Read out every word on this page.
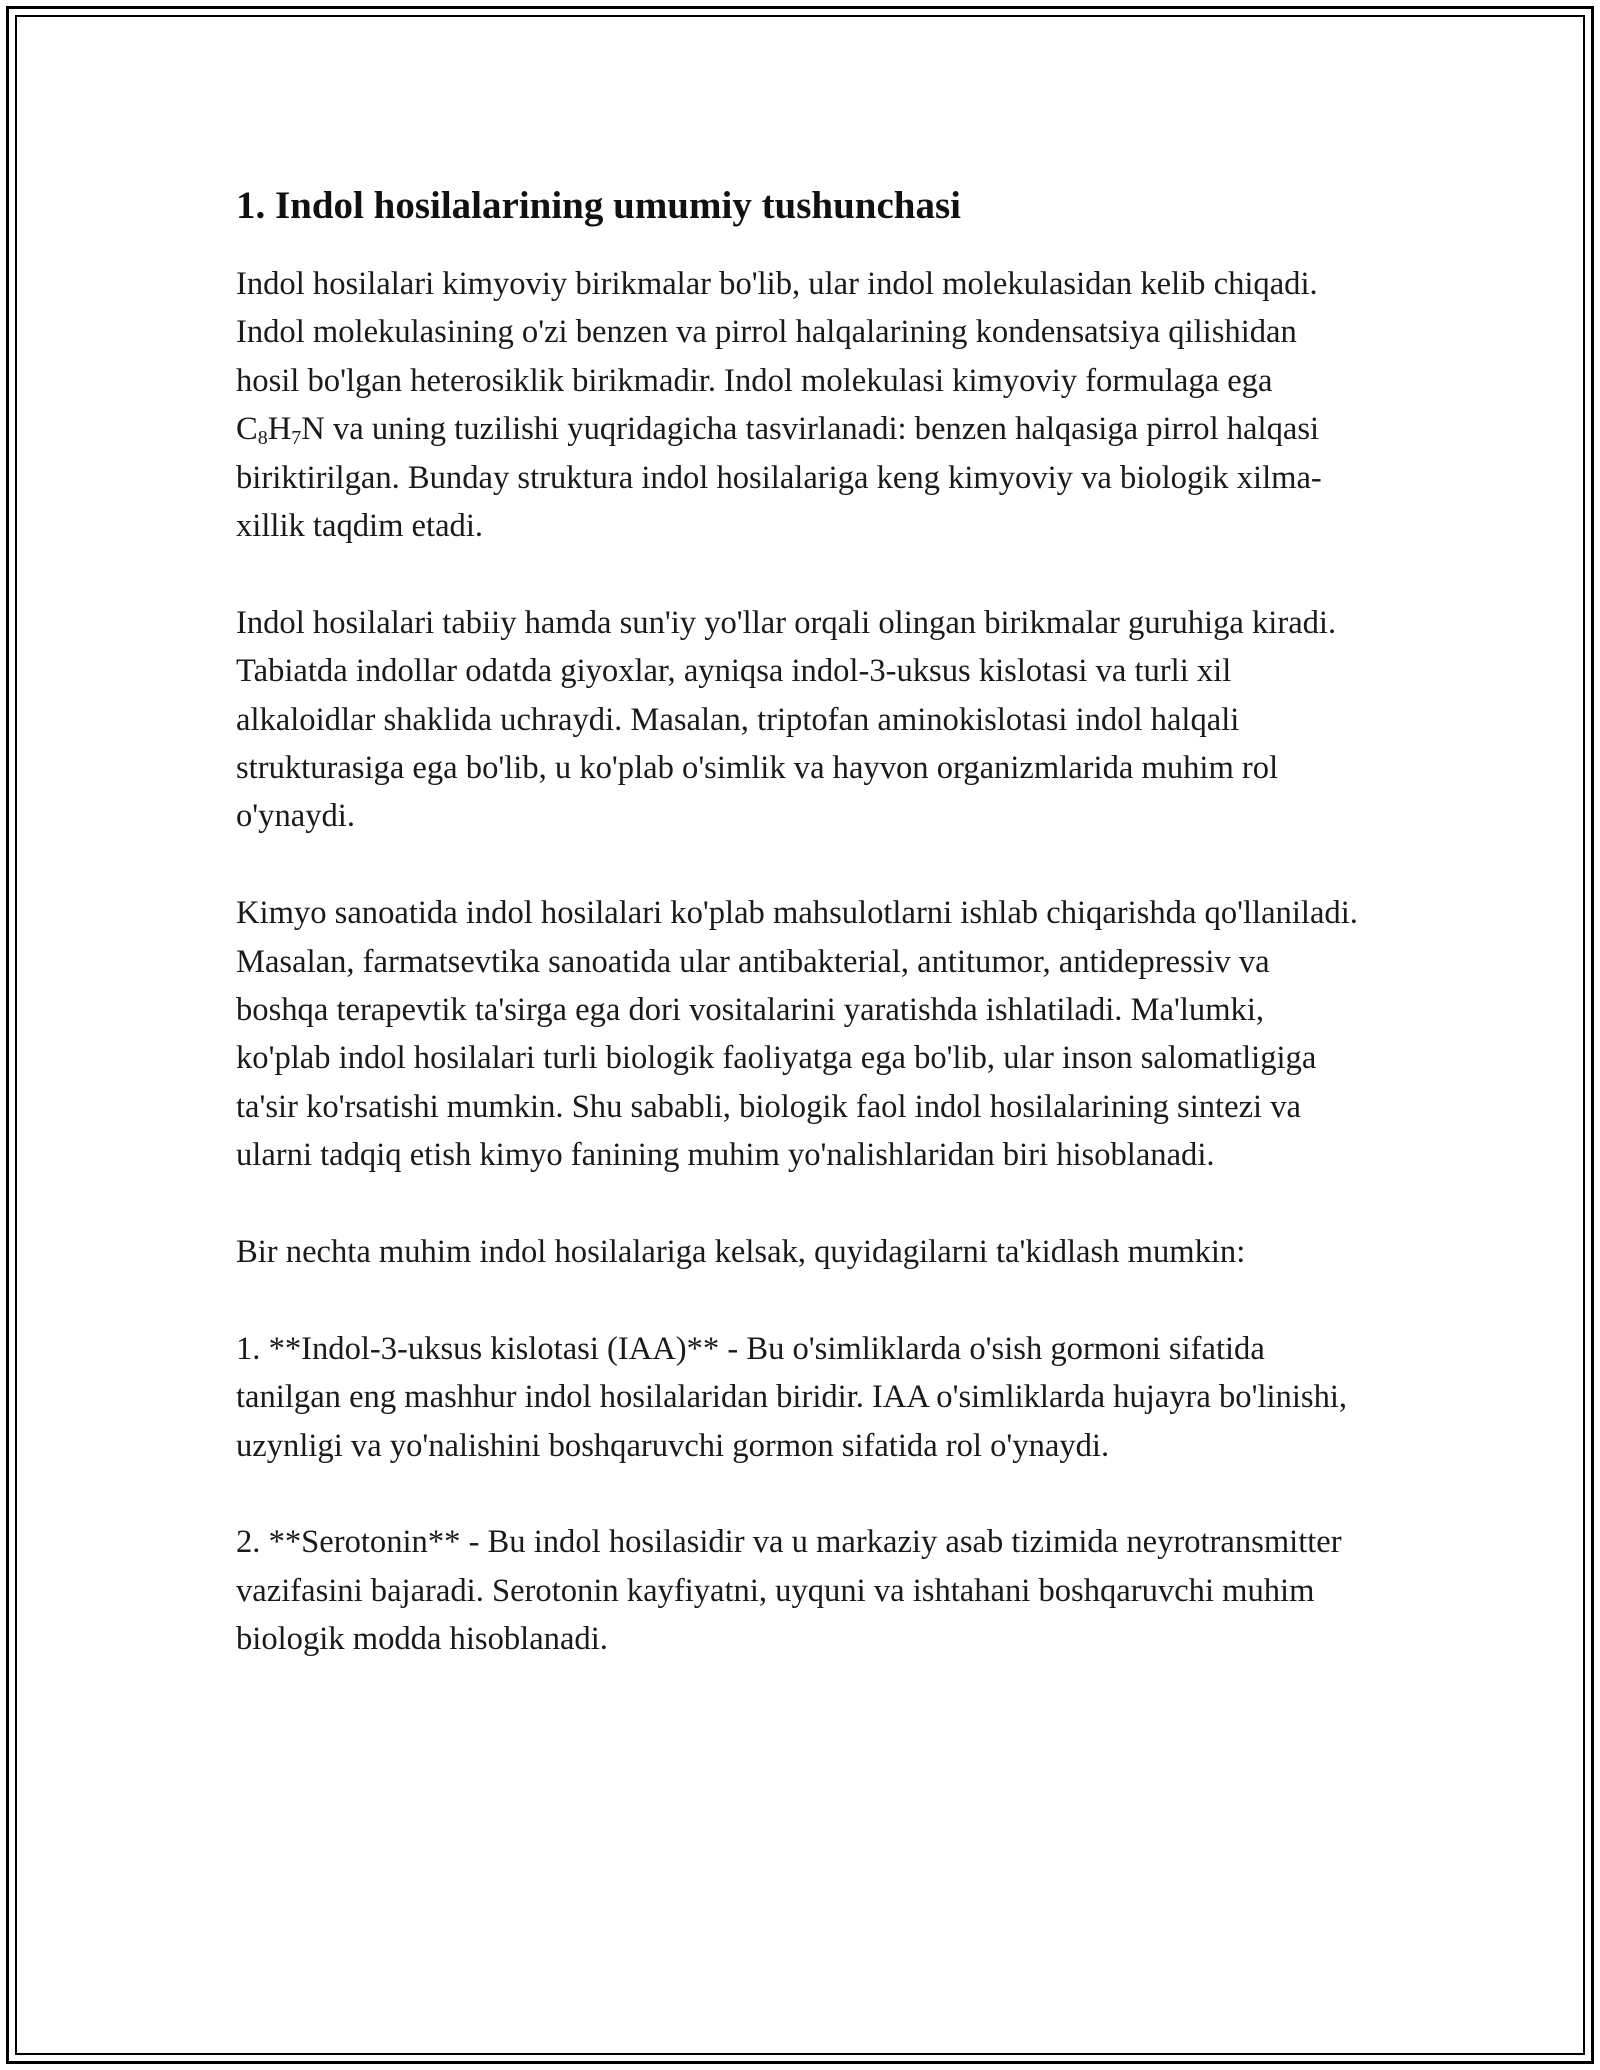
1. Indol hosilalarining umumiy tushunchasi

Indol hosilalari kimyoviy birikmalar bo'lib, ular indol molekulasidan kelib chiqadi. Indol molekulasining o'zi benzen va pirrol halqalarining kondensatsiya qilishidan hosil bo'lgan heterosiklik birikmadir. Indol molekulasi kimyoviy formulaga ega $C_8H_7N$ va uning tuzilishi yuqridagicha tasvirlanadi: benzen halqasiga pirrol halqasi biriktirilgan. Bunday struktura indol hosilalariga keng kimyoviy va biologik xilma-xillik taqdim etadi.

Indol hosilalari tabiiy hamda sun'iy yo'llar orqali olingan birikmalar guruhiga kiradi. Tabiatda indollar odatda giyoxlar, ayniqsa indol-3-uksus kislotasi va turli xil alkaloidlar shaklida uchraydi. Masalan, triptofan aminokislotasi indol halqali strukturasiga ega bo'lib, u ko'plab o'simlik va hayvon organizmlarida muhim rol o'ynaydi.

Kimyo sanoatida indol hosilalari ko'plab mahsulotlarni ishlab chiqarishda qo'llaniladi. Masalan, farmatsevtika sanoatida ular antibakterial, antitumor, antidepressiv va boshqa terapevtik ta'sirga ega dori vositalarini yaratishda ishlatiladi. Ma'lumki, ko'plab indol hosilalari turli biologik faoliyatga ega bo'lib, ular inson salomatligiga ta'sir ko'rsatishi mumkin. Shu sababli, biologik faol indol hosilalarining sintezi va ularni tadqiq etish kimyo fanining muhim yo'nalishlaridan biri hisoblanadi.

Bir nechta muhim indol hosilalariga kelsak, quyidagilarni ta'kidlash mumkin:

1. **Indol-3-uksus kislotasi (IAA)** - Bu o'simliklarda o'sish gormoni sifatida tanilgan eng mashhur indol hosilalaridan biridir. IAA o'simliklarda hujayra bo'linishi, uzynligi va yo'nalishini boshqaruvchi gormon sifatida rol o'ynaydi.

2. **Serotonin** - Bu indol hosilasidir va u markaziy asab tizimida neyrotransmitter vazifasini bajaradi. Serotonin kayfiyatni, uyquni va ishtahani boshqaruvchi muhim biologik modda hisoblanadi.
